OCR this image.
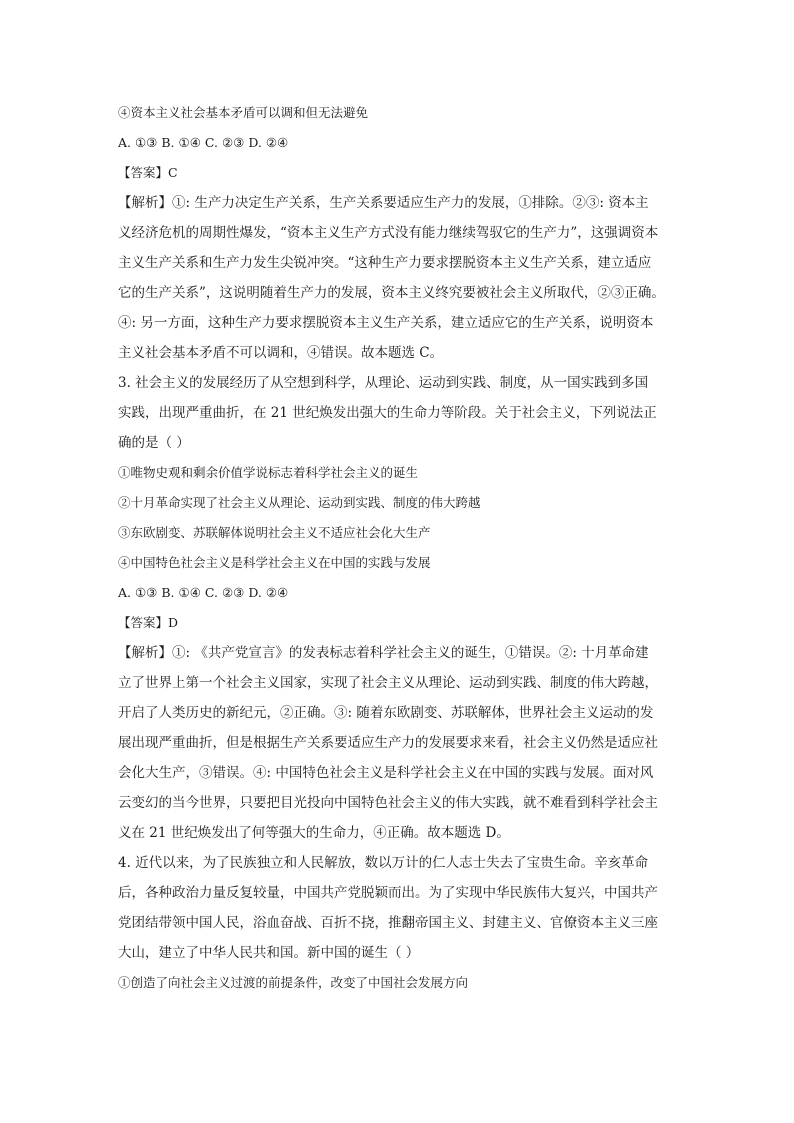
④资本主义社会基本矛盾可以调和但无法避免
A. ①③ B. ①④ C. ②③ D. ②④
【答案】C
【解析】①: 生产力决定生产关系，生产关系要适应生产力的发展，①排除。②③: 资本主
义经济危机的周期性爆发，“资本主义生产方式没有能力继续驾驭它的生产力”，这强调资本
主义生产关系和生产力发生尖锐冲突。“这种生产力要求摆脱资本主义生产关系，建立适应
它的生产关系”，这说明随着生产力的发展，资本主义终究要被社会主义所取代，②③正确。
④: 另一方面，这种生产力要求摆脱资本主义生产关系，建立适应它的生产关系，说明资本
主义社会基本矛盾不可以调和，④错误。故本题选 C。
3. 社会主义的发展经历了从空想到科学，从理论、运动到实践、制度，从一国实践到多国
实践，出现严重曲折，在 21 世纪焕发出强大的生命力等阶段。关于社会主义，下列说法正
确的是（ ）
①唯物史观和剩余价值学说标志着科学社会主义的诞生
②十月革命实现了社会主义从理论、运动到实践、制度的伟大跨越
③东欧剧变、苏联解体说明社会主义不适应社会化大生产
④中国特色社会主义是科学社会主义在中国的实践与发展
A. ①③ B. ①④ C. ②③ D. ②④
【答案】D
【解析】①: 《共产党宣言》的发表标志着科学社会主义的诞生，①错误。②: 十月革命建
立了世界上第一个社会主义国家，实现了社会主义从理论、运动到实践、制度的伟大跨越，
开启了人类历史的新纪元，②正确。③: 随着东欧剧变、苏联解体，世界社会主义运动的发
展出现严重曲折，但是根据生产关系要适应生产力的发展要求来看，社会主义仍然是适应社
会化大生产，③错误。④: 中国特色社会主义是科学社会主义在中国的实践与发展。面对风
云变幻的当今世界，只要把目光投向中国特色社会主义的伟大实践，就不难看到科学社会主
义在 21 世纪焕发出了何等强大的生命力，④正确。故本题选 D。
4. 近代以来，为了民族独立和人民解放，数以万计的仁人志士失去了宝贵生命。辛亥革命
后，各种政治力量反复较量，中国共产党脱颖而出。为了实现中华民族伟大复兴，中国共产
党团结带领中国人民，浴血奋战、百折不挠，推翻帝国主义、封建主义、官僚资本主义三座
大山，建立了中华人民共和国。新中国的诞生（ ）
①创造了向社会主义过渡的前提条件，改变了中国社会发展方向
